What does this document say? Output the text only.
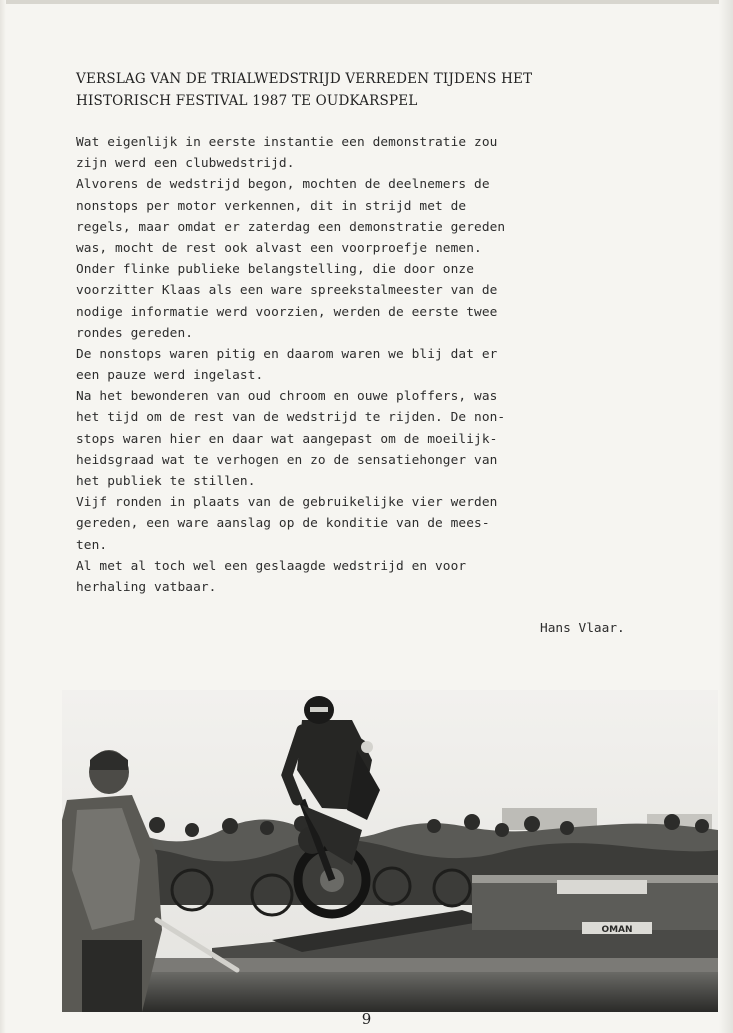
VERSLAG VAN DE TRIALWEDSTRIJD VERREDEN TIJDENS HET
HISTORISCH FESTIVAL 1987 TE OUDKARSPEL
Wat eigenlijk in eerste instantie een demonstratie zou
zijn werd een clubwedstrijd.
Alvorens de wedstrijd begon, mochten de deelnemers de
nonstops per motor verkennen, dit in strijd met de
regels, maar omdat er zaterdag een demonstratie gereden
was, mocht de rest ook alvast een voorproefje nemen.
Onder flinke publieke belangstelling, die door onze
voorzitter Klaas als een ware spreekstalmeester van de
nodige informatie werd voorzien, werden de eerste twee
rondes gereden.
De nonstops waren pitig en daarom waren we blij dat er
een pauze werd ingelast.
Na het bewonderen van oud chroom en ouwe ploffers, was
het tijd om de rest van de wedstrijd te rijden. De non-
stops waren hier en daar wat aangepast om de moeilijk-
heidsgraad wat te verhogen en zo de sensatiehonger van
het publiek te stillen.
Vijf ronden in plaats van de gebruikelijke vier werden
gereden, een ware aanslag op de konditie van de mees-
ten.
Al met al toch wel een geslaagde wedstrijd en voor
herhaling vatbaar.
Hans Vlaar.
OMAN
9
